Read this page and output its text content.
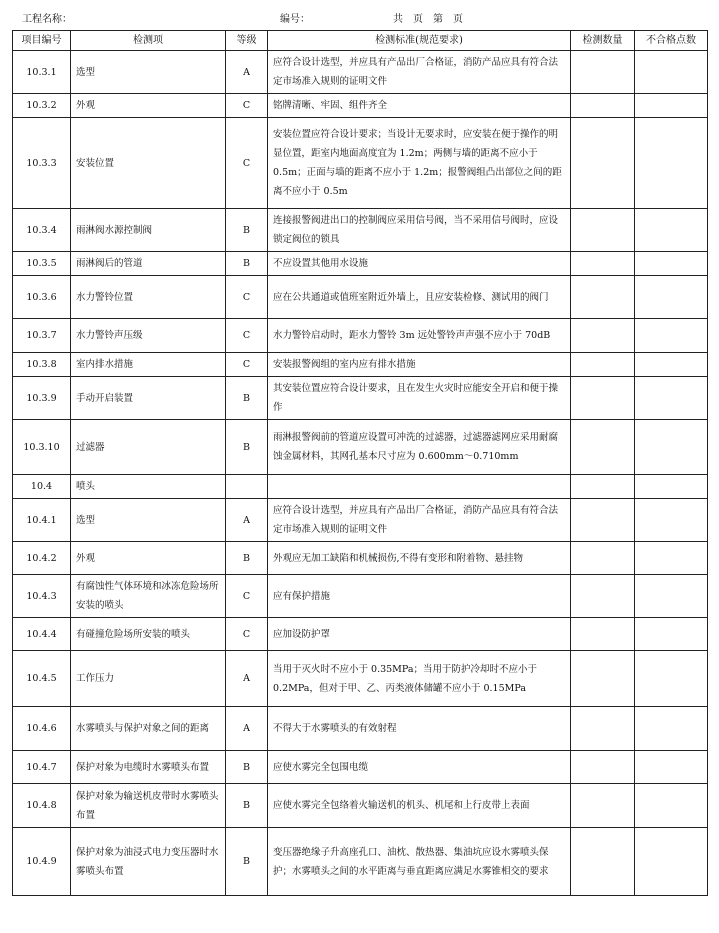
工程名称：	编号：	共　页　第　页
项目编号	检测项	等级	检测标准(规范要求)	检测数量	不合格点数
10.3.1	选型	A	应符合设计选型，并应具有产品出厂合格证，消防产品应具有符合法定市场准入规则的证明文件		
10.3.2	外观	C	铭牌清晰、牢固、组件齐全		
10.3.3	安装位置	C	安装位置应符合设计要求；当设计无要求时，应安装在便于操作的明显位置，距室内地面高度宜为 1.2m；两侧与墙的距离不应小于 0.5m；正面与墙的距离不应小于 1.2m；报警阀组凸出部位之间的距离不应小于 0.5m		
10.3.4	雨淋阀水源控制阀	B	连接报警阀进出口的控制阀应采用信号阀，当不采用信号阀时，应设锁定阀位的锁具		
10.3.5	雨淋阀后的管道	B	不应设置其他用水设施		
10.3.6	水力警铃位置	C	应在公共通道或值班室附近外墙上，且应安装检修、测试用的阀门		
10.3.7	水力警铃声压级	C	水力警铃启动时，距水力警铃 3m 远处警铃声声强不应小于 70dB		
10.3.8	室内排水措施	C	安装报警阀组的室内应有排水措施		
10.3.9	手动开启装置	B	其安装位置应符合设计要求，且在发生火灾时应能安全开启和便于操作		
10.3.10	过滤器	B	雨淋报警阀前的管道应设置可冲洗的过滤器，过滤器滤网应采用耐腐蚀金属材料，其网孔基本尺寸应为 0.600mm～0.710mm		
10.4	喷头				
10.4.1	选型	A	应符合设计选型，并应具有产品出厂合格证，消防产品应具有符合法定市场准入规则的证明文件		
10.4.2	外观	B	外观应无加工缺陷和机械损伤,不得有变形和附着物、悬挂物		
10.4.3	有腐蚀性气体环境和冰冻危险场所安装的喷头	C	应有保护措施		
10.4.4	有碰撞危险场所安装的喷头	C	应加设防护罩		
10.4.5	工作压力	A	当用于灭火时不应小于 0.35MPa；当用于防护冷却时不应小于 0.2MPa，但对于甲、乙、丙类液体储罐不应小于 0.15MPa		
10.4.6	水雾喷头与保护对象之间的距离	A	不得大于水雾喷头的有效射程		
10.4.7	保护对象为电缆时水雾喷头布置	B	应使水雾完全包围电缆		
10.4.8	保护对象为输送机皮带时水雾喷头布置	B	应使水雾完全包络着火输送机的机头、机尾和上行皮带上表面		
10.4.9	保护对象为油浸式电力变压器时水雾喷头布置	B	变压器绝缘子升高座孔口、油枕、散热器、集油坑应设水雾喷头保护；水雾喷头之间的水平距离与垂直距离应满足水雾锥相交的要求		
